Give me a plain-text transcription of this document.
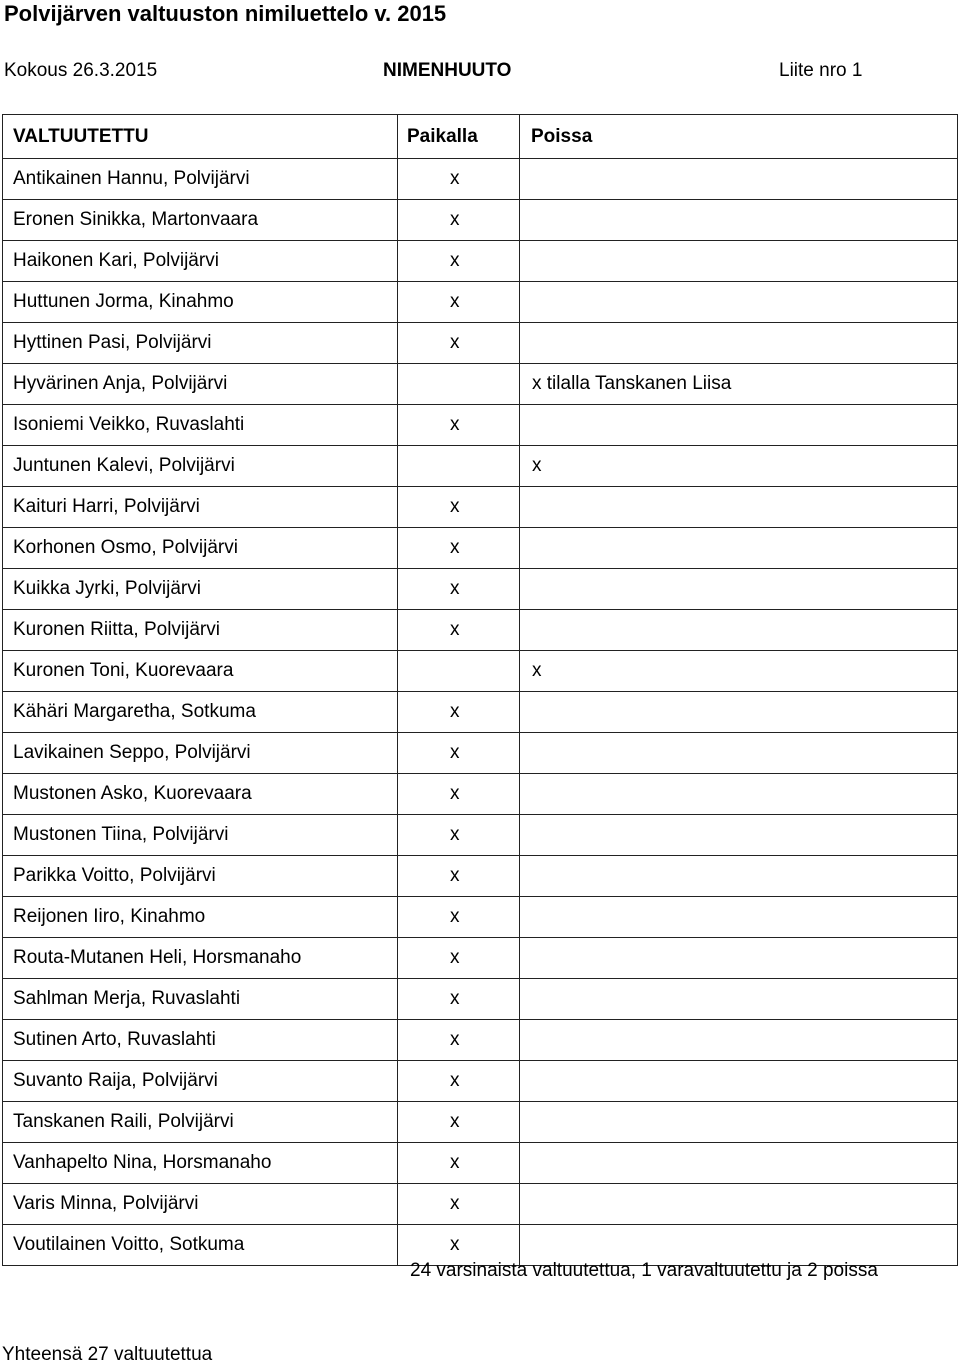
Polvijärven valtuuston nimiluettelo v. 2015
Kokous 26.3.2015	NIMENHUUTO	Liite nro 1
VALTUUTETTU	Paikalla	Poissa
Antikainen Hannu, Polvijärvi	x	
Eronen Sinikka, Martonvaara	x	
Haikonen Kari, Polvijärvi	x	
Huttunen Jorma, Kinahmo	x	
Hyttinen Pasi, Polvijärvi	x	
Hyvärinen Anja, Polvijärvi		x tilalla Tanskanen Liisa
Isoniemi Veikko, Ruvaslahti	x	
Juntunen Kalevi, Polvijärvi		x
Kaituri Harri, Polvijärvi	x	
Korhonen Osmo, Polvijärvi	x	
Kuikka Jyrki, Polvijärvi	x	
Kuronen Riitta, Polvijärvi	x	
Kuronen Toni, Kuorevaara		x
Kähäri Margaretha, Sotkuma	x	
Lavikainen Seppo, Polvijärvi	x	
Mustonen Asko, Kuorevaara	x	
Mustonen Tiina, Polvijärvi	x	
Parikka Voitto, Polvijärvi	x	
Reijonen Iiro, Kinahmo	x	
Routa-Mutanen Heli, Horsmanaho	x	
Sahlman Merja, Ruvaslahti	x	
Sutinen Arto, Ruvaslahti	x	
Suvanto Raija, Polvijärvi	x	
Tanskanen Raili, Polvijärvi	x	
Vanhapelto Nina, Horsmanaho	x	
Varis Minna, Polvijärvi	x	
Voutilainen Voitto, Sotkuma	x	
24 varsinaista valtuutettua, 1 varavaltuutettu ja 2 poissa
Yhteensä 27 valtuutettua
